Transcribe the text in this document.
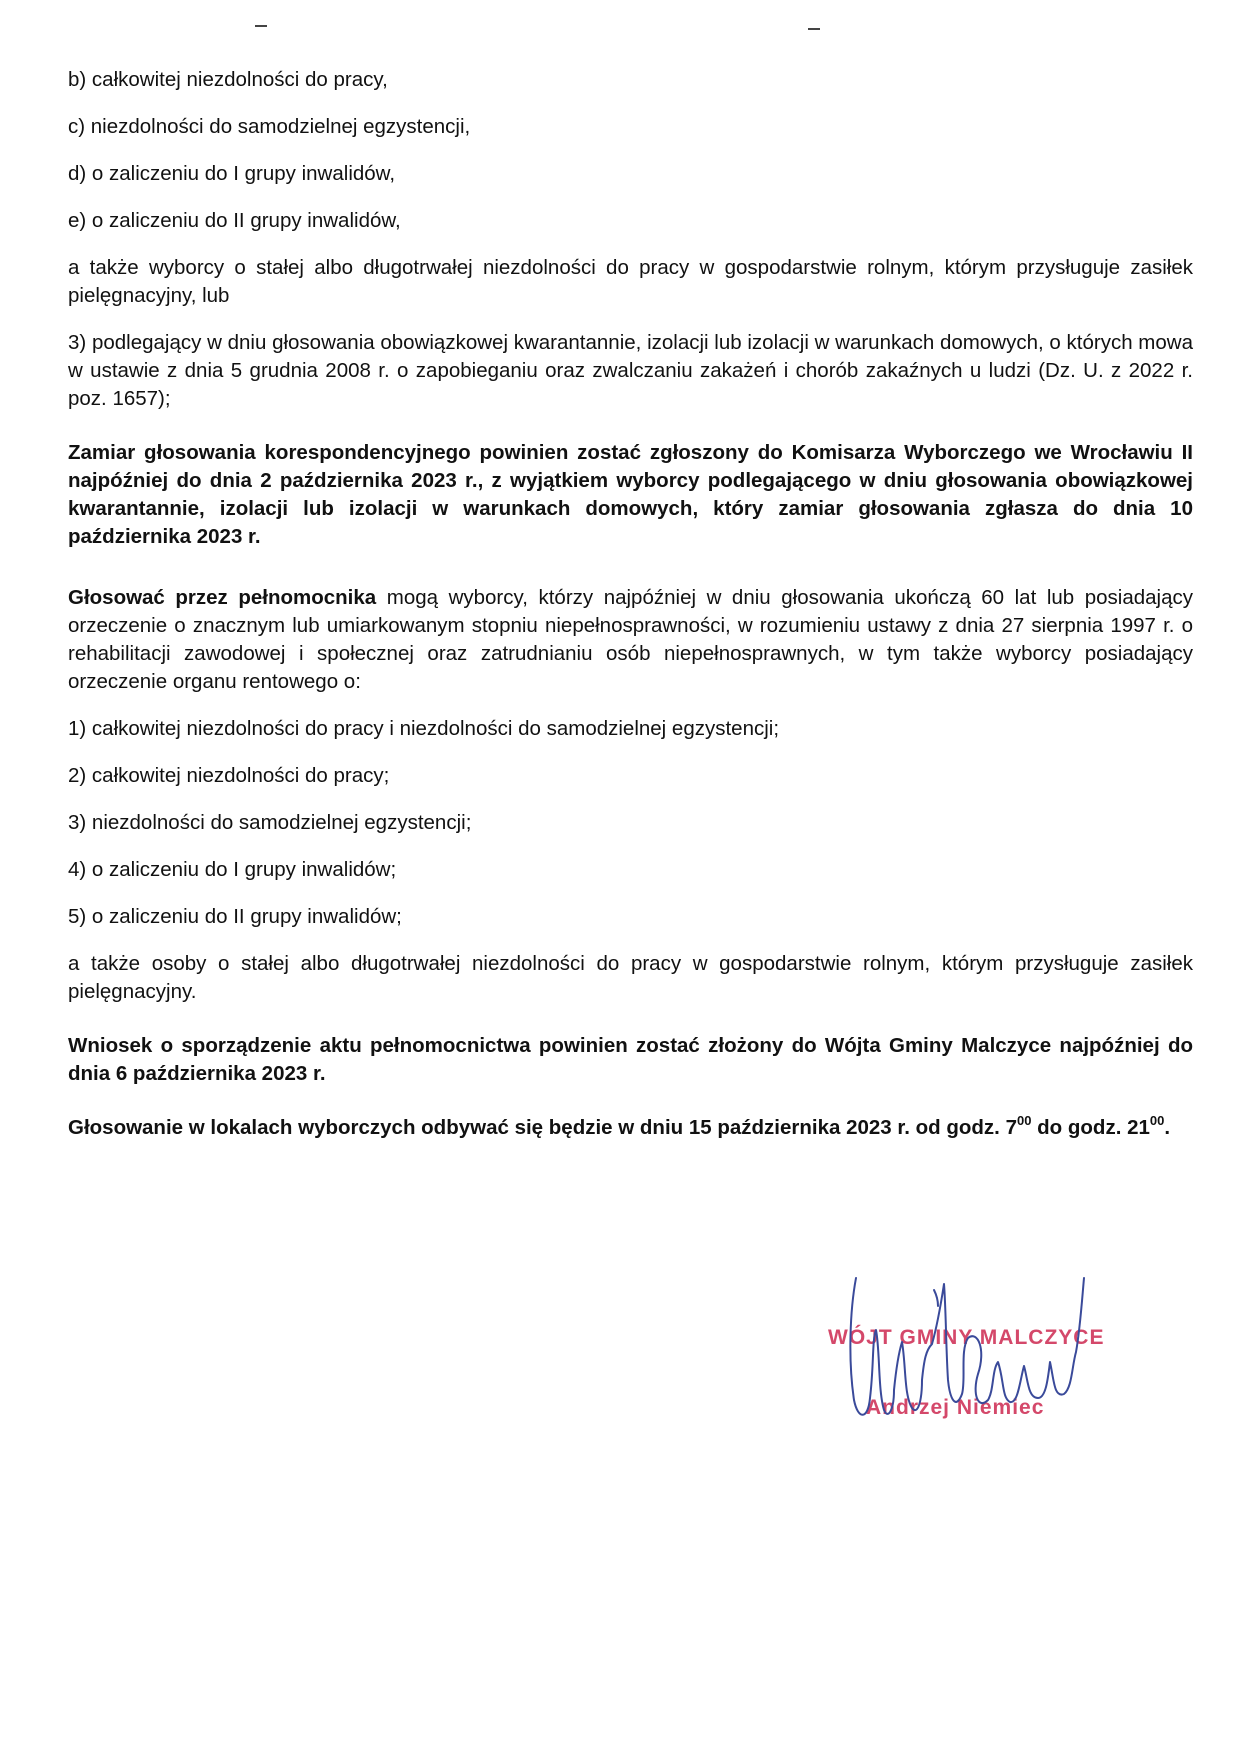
b) całkowitej niezdolności do pracy,

c) niezdolności do samodzielnej egzystencji,

d) o zaliczeniu do I grupy inwalidów,

e) o zaliczeniu do II grupy inwalidów,

a także wyborcy o stałej albo długotrwałej niezdolności do pracy w gospodarstwie rolnym, którym przysługuje zasiłek pielęgnacyjny, lub

3) podlegający w dniu głosowania obowiązkowej kwarantannie, izolacji lub izolacji w warunkach domowych, o których mowa w ustawie z dnia 5 grudnia 2008 r. o zapobieganiu oraz zwalczaniu zakażeń i chorób zakaźnych u ludzi (Dz. U. z 2022 r. poz. 1657);

Zamiar głosowania korespondencyjnego powinien zostać zgłoszony do Komisarza Wyborczego we Wrocławiu II najpóźniej do dnia 2 października 2023 r., z wyjątkiem wyborcy podlegającego w dniu głosowania obowiązkowej kwarantannie, izolacji lub izolacji w warunkach domowych, który zamiar głosowania zgłasza do dnia 10 października 2023 r.

Głosować przez pełnomocnika mogą wyborcy, którzy najpóźniej w dniu głosowania ukończą 60 lat lub posiadający orzeczenie o znacznym lub umiarkowanym stopniu niepełnosprawności, w rozumieniu ustawy z dnia 27 sierpnia 1997 r. o rehabilitacji zawodowej i społecznej oraz zatrudnianiu osób niepełnosprawnych, w tym także wyborcy posiadający orzeczenie organu rentowego o:

1) całkowitej niezdolności do pracy i niezdolności do samodzielnej egzystencji;

2) całkowitej niezdolności do pracy;

3) niezdolności do samodzielnej egzystencji;

4) o zaliczeniu do I grupy inwalidów;

5) o zaliczeniu do II grupy inwalidów;

a także osoby o stałej albo długotrwałej niezdolności do pracy w gospodarstwie rolnym, którym przysługuje zasiłek pielęgnacyjny.

Wniosek o sporządzenie aktu pełnomocnictwa powinien zostać złożony do Wójta Gminy Malczyce najpóźniej do dnia 6 października 2023 r.

Głosowanie w lokalach wyborczych odbywać się będzie w dniu 15 października 2023 r. od godz. $7^{00}$ do godz. $21^{00}$.

WÓJT GMINY MALCZYCE
Andrzej Niemiec
